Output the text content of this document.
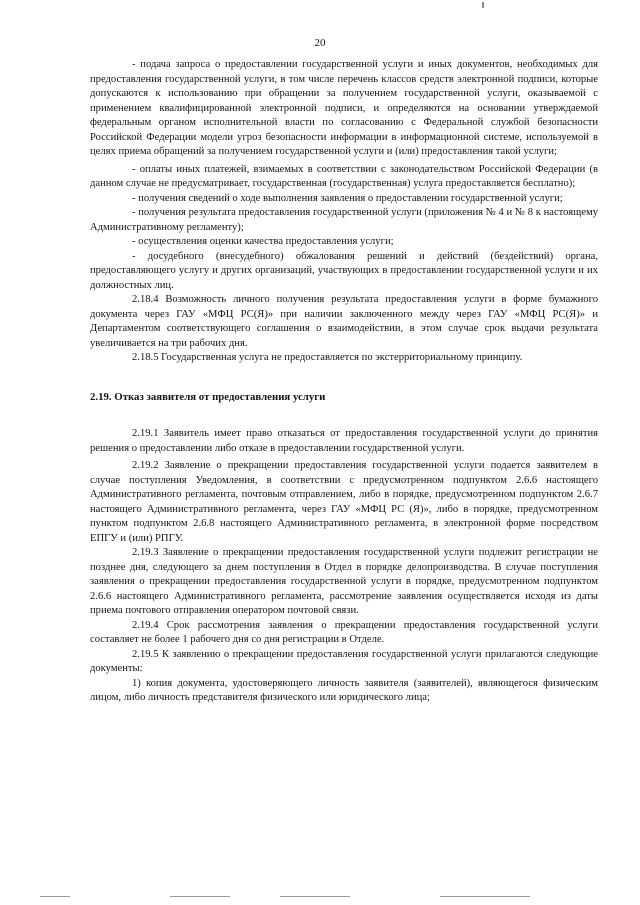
20

- подача запроса о предоставлении государственной услуги и иных документов, необходимых для предоставления государственной услуги, в том числе перечень классов средств электронной подписи, которые допускаются к использованию при обращении за получением государственной услуги, оказываемой с применением квалифицированной электронной подписи, и определяются на основании утверждаемой федеральным органом исполнительной власти по согласованию с Федеральной службой безопасности Российской Федерации модели угроз безопасности информации в информационной системе, используемой в целях приема обращений за получением государственной услуги и (или) предоставления такой услуги;

- оплаты иных платежей, взимаемых в соответствии с законодательством Российской Федерации (в данном случае не предусматривает, государственная (государственная) услуга предоставляется бесплатно);

- получения сведений о ходе выполнения заявления о предоставлении государственной услуги;

- получения результата предоставления государственной услуги (приложения № 4 и № 8 к настоящему Административному регламенту);

- осуществления оценки качества предоставления услуги;

- досудебного (внесудебного) обжалования решений и действий (бездействий) органа, предоставляющего услугу и других организаций, участвующих в предоставлении государственной услуги и их должностных лиц.

2.18.4 Возможность личного получения результата предоставления услуги в форме бумажного документа через ГАУ «МФЦ РС(Я)» при наличии заключенного между через ГАУ «МФЦ РС(Я)» и Департаментом соответствующего соглашения о взаимодействии, в этом случае срок выдачи результата увеличивается на три рабочих дня.

2.18.5 Государственная услуга не предоставляется по экстерриториальному принципу.

2.19. Отказ заявителя от предоставления услуги

2.19.1 Заявитель имеет право отказаться от предоставления государственной услуги до принятия решения о предоставлении либо отказе в предоставлении государственной услуги.

2.19.2 Заявление о прекращении предоставления государственной услуги подается заявителем в случае поступления Уведомления, в соответствии с предусмотренном подпунктом 2.6.6 настоящего Административного регламента, почтовым отправлением, либо в порядке, предусмотренном подпунктом 2.6.7 настоящего Административного регламента, через ГАУ «МФЦ РС (Я)», либо в порядке, предусмотренном пунктом подпунктом 2.6.8 настоящего Административного регламента, в электронной форме посредством ЕПГУ и (или) РПГУ.

2.19.3 Заявление о прекращении предоставления государственной услуги подлежит регистрации не позднее дня, следующего за днем поступления в Отдел в порядке делопроизводства. В случае поступления заявления о прекращении предоставления государственной услуги в порядке, предусмотренном подпунктом 2.6.6 настоящего Административного регламента, рассмотрение заявления осуществляется исходя из даты приема почтового отправления оператором почтовой связи.

2.19.4 Срок рассмотрения заявления о прекращении предоставления государственной услуги составляет не более 1 рабочего дня со дня регистрации в Отделе.

2.19.5 К заявлению о прекращении предоставления государственной услуги прилагаются следующие документы:

1) копия документа, удостоверяющего личность заявителя (заявителей), являющегося физическим лицом, либо личность представителя физического или юридического лица;
